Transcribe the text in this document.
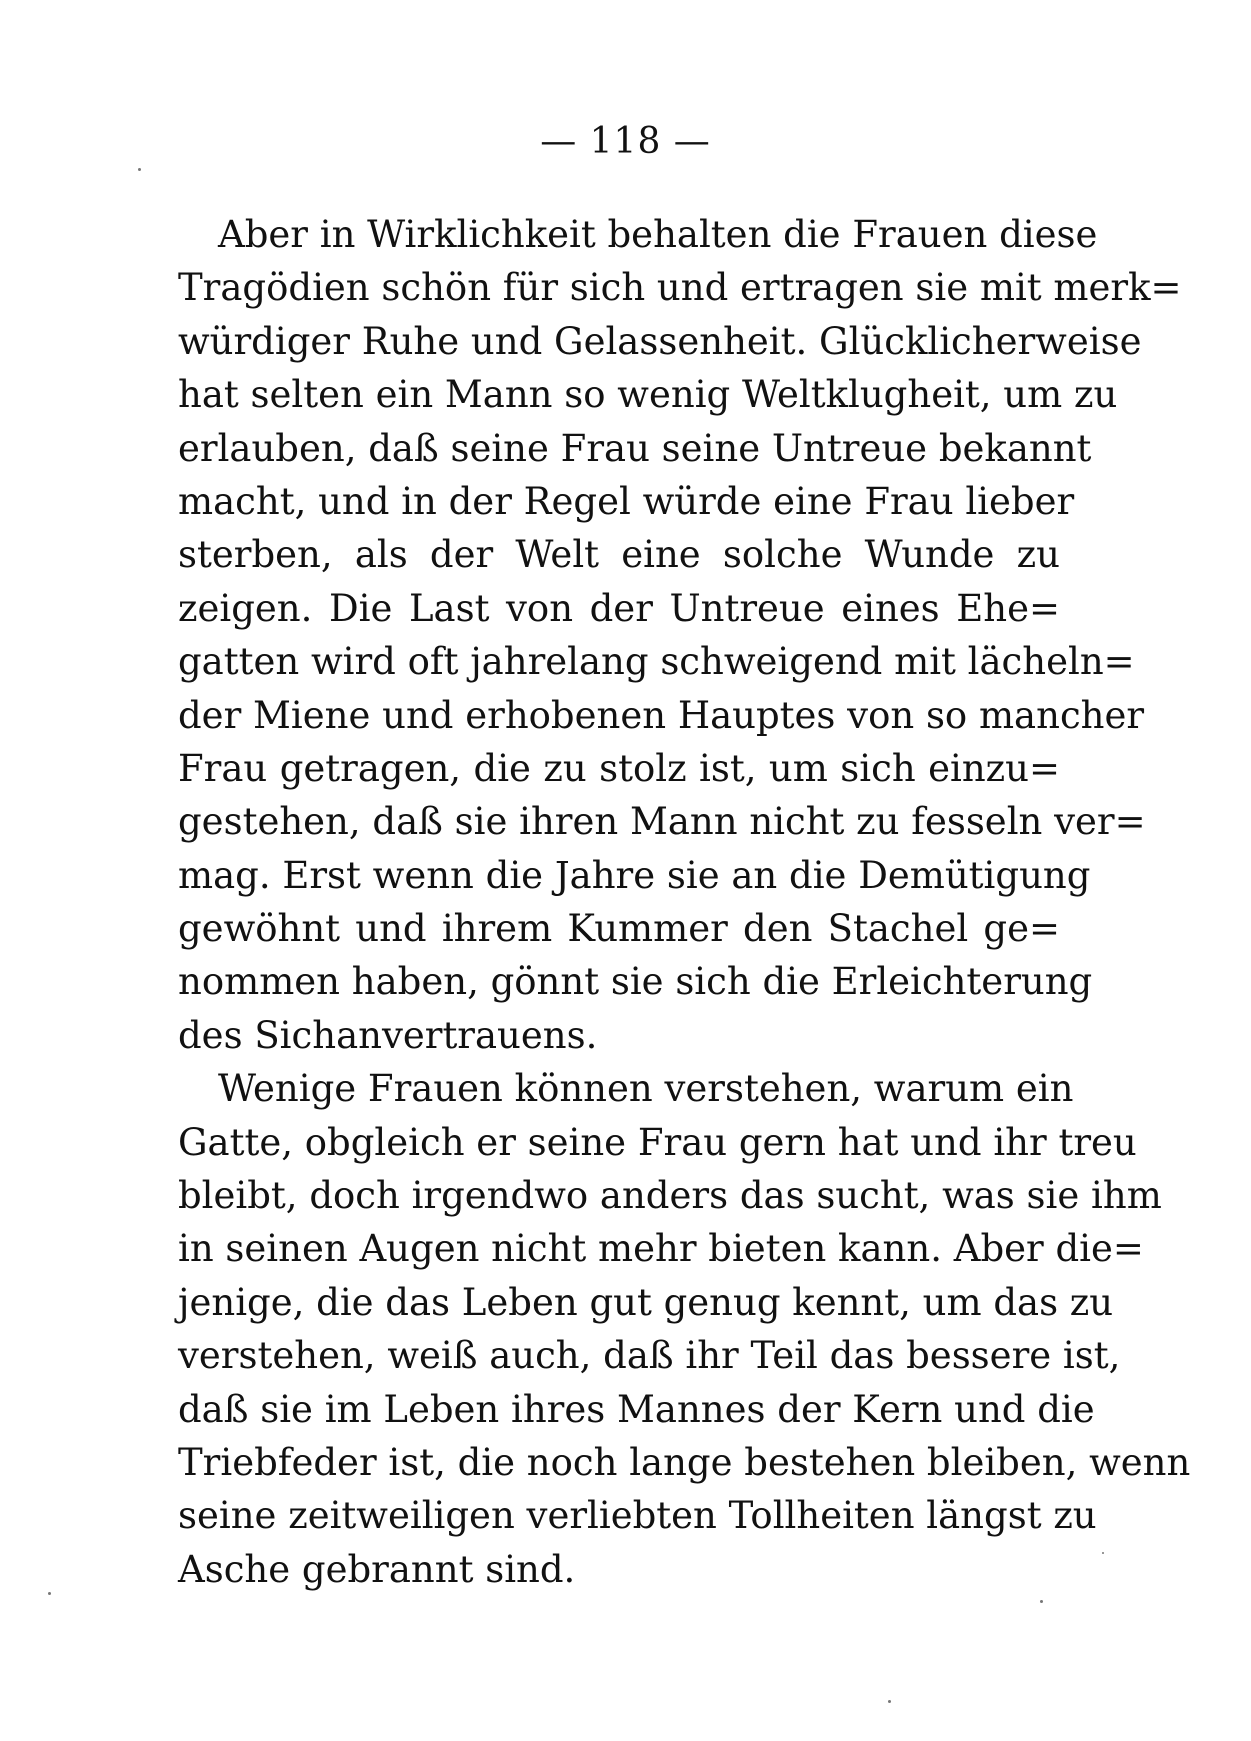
— 118 —
Aber in Wirklichkeit behalten die Frauen diese
Tragödien schön für sich und ertragen sie mit merk=
würdiger Ruhe und Gelassenheit. Glücklicherweise
hat selten ein Mann so wenig Weltklugheit, um zu
erlauben, daß seine Frau seine Untreue bekannt
macht, und in der Regel würde eine Frau lieber
sterben, als der Welt eine solche Wunde zu
zeigen. Die Last von der Untreue eines Ehe=
gatten wird oft jahrelang schweigend mit lächeln=
der Miene und erhobenen Hauptes von so mancher
Frau getragen, die zu stolz ist, um sich einzu=
gestehen, daß sie ihren Mann nicht zu fesseln ver=
mag. Erst wenn die Jahre sie an die Demütigung
gewöhnt und ihrem Kummer den Stachel ge=
nommen haben, gönnt sie sich die Erleichterung
des Sichanvertrauens.
Wenige Frauen können verstehen, warum ein
Gatte, obgleich er seine Frau gern hat und ihr treu
bleibt, doch irgendwo anders das sucht, was sie ihm
in seinen Augen nicht mehr bieten kann. Aber die=
jenige, die das Leben gut genug kennt, um das zu
verstehen, weiß auch, daß ihr Teil das bessere ist,
daß sie im Leben ihres Mannes der Kern und die
Triebfeder ist, die noch lange bestehen bleiben, wenn
seine zeitweiligen verliebten Tollheiten längst zu
Asche gebrannt sind.
